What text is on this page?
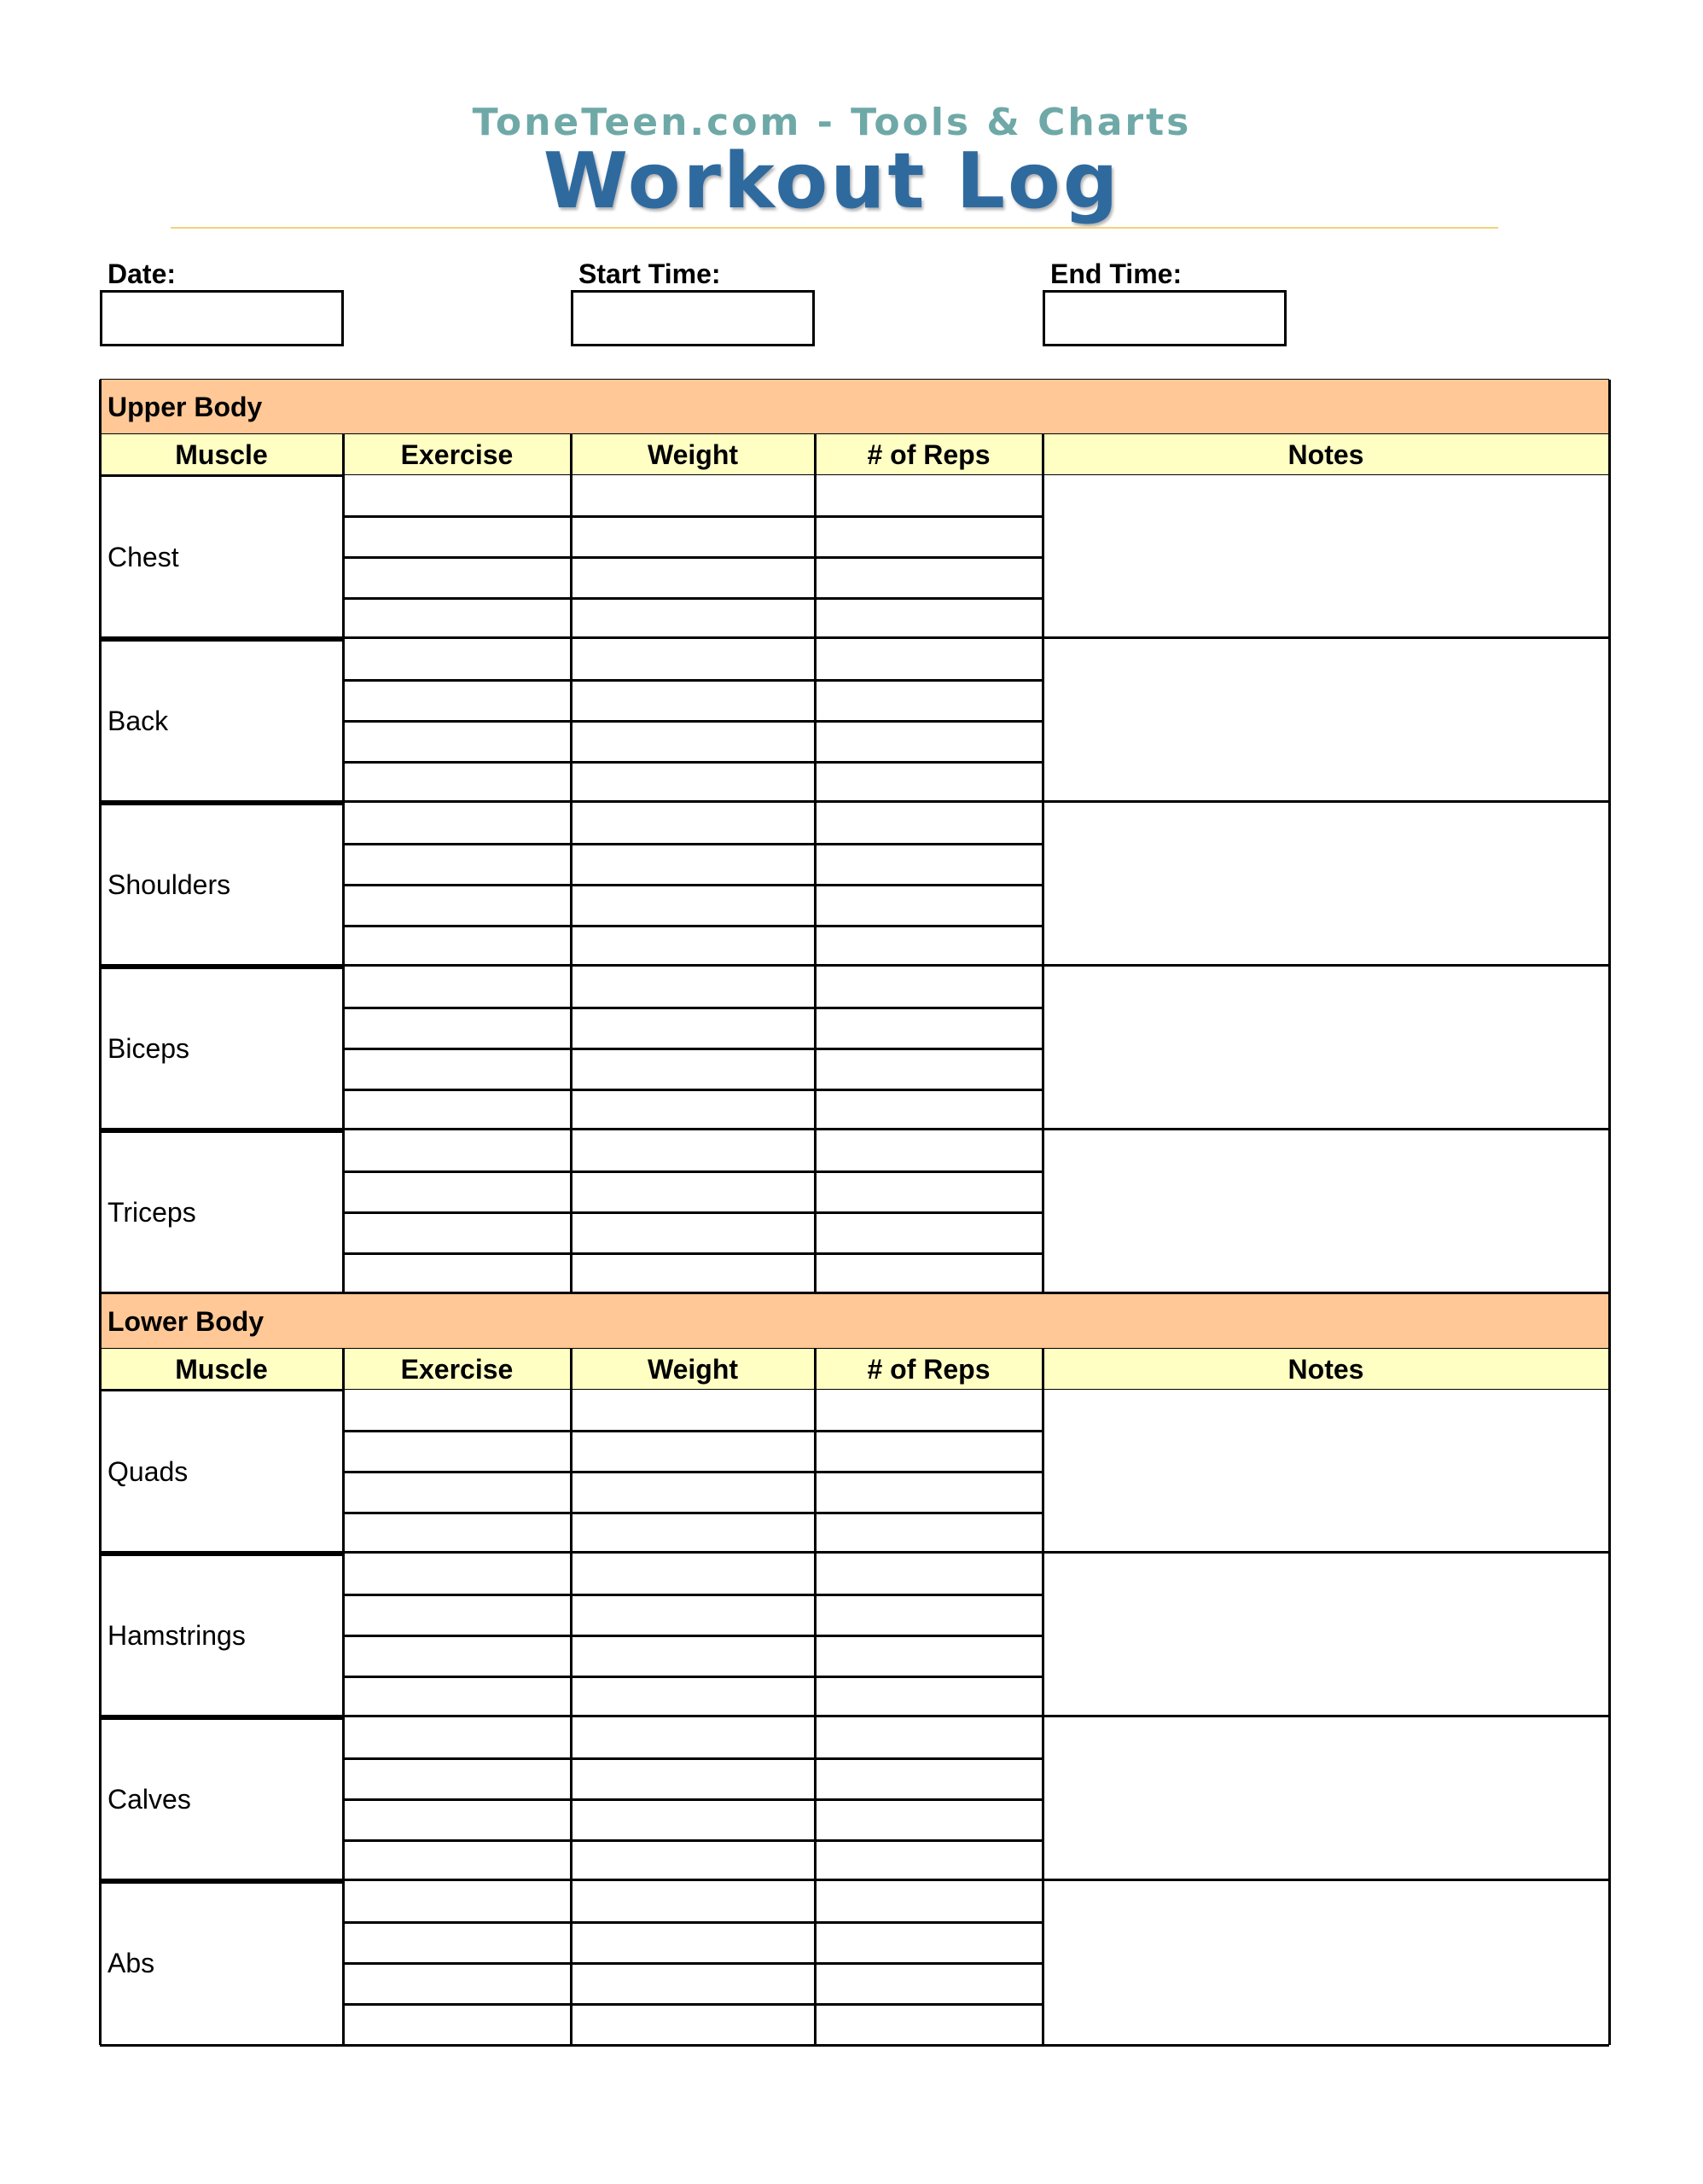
ToneTeen.com - Tools & Charts
Workout Log
Date:	Start Time:	End Time:
Upper Body
Muscle	Exercise	Weight	# of Reps	Notes
Chest
Back
Shoulders
Biceps
Triceps
Lower Body
Muscle	Exercise	Weight	# of Reps	Notes
Quads
Hamstrings
Calves
Abs
